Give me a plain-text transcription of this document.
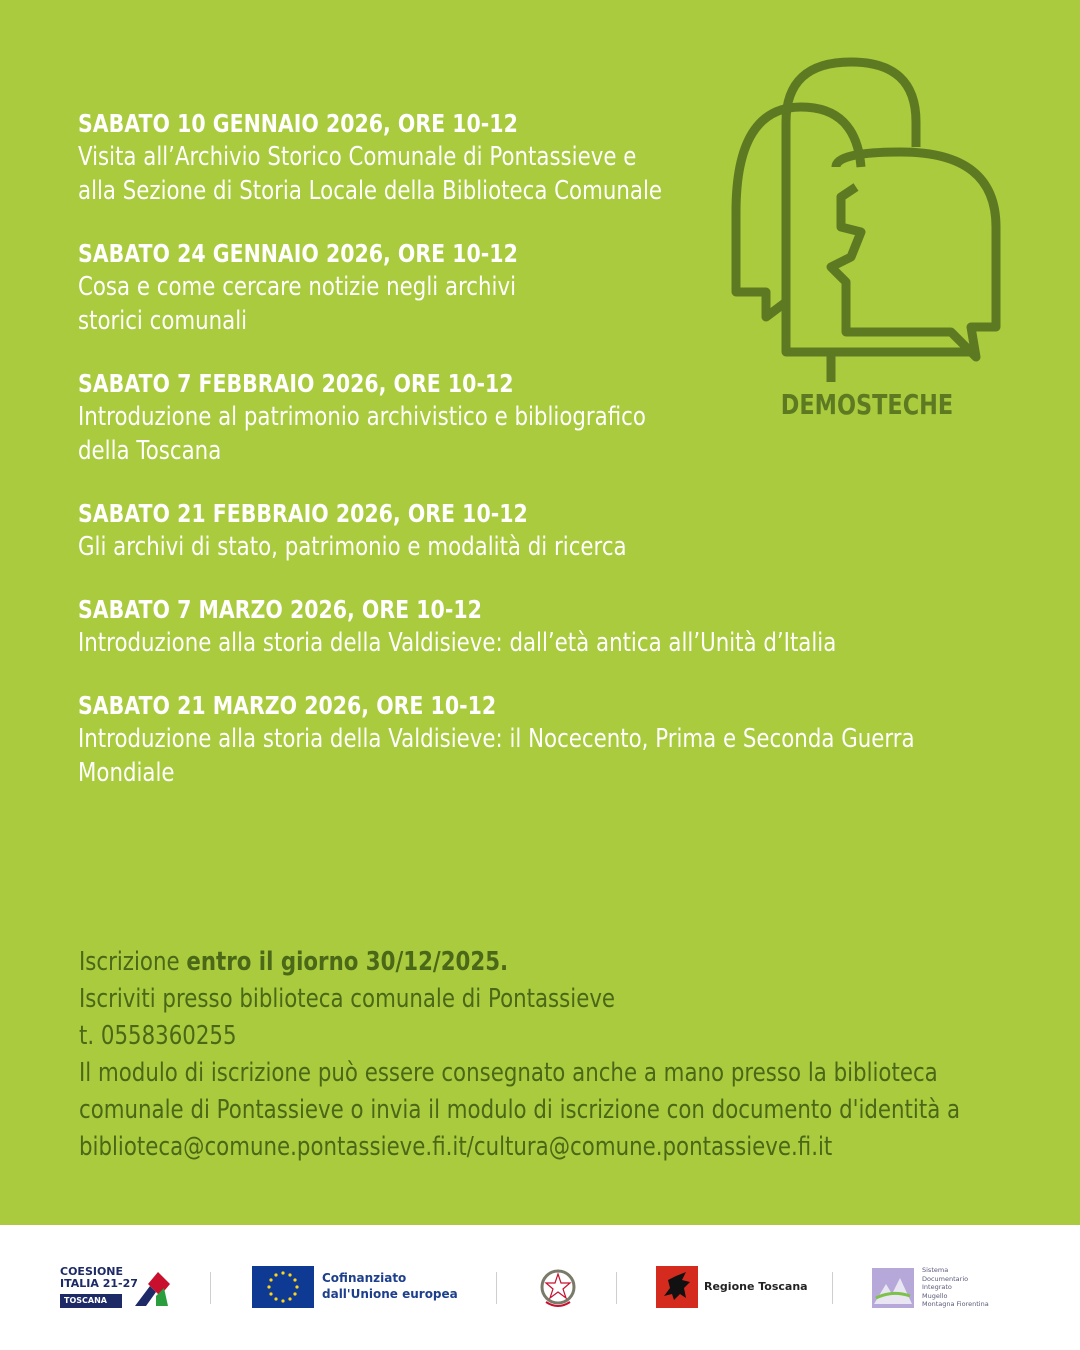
SABATO 10 GENNAIO 2026, ORE 10-12
Visita all’Archivio Storico Comunale di Pontassieve e
alla Sezione di Storia Locale della Biblioteca Comunale
SABATO 24 GENNAIO 2026, ORE 10-12
Cosa e come cercare notizie negli archivi
storici comunali
SABATO 7 FEBBRAIO 2026, ORE 10-12
Introduzione al patrimonio archivistico e bibliografico
della Toscana
SABATO 21 FEBBRAIO 2026, ORE 10-12
Gli archivi di stato, patrimonio e modalità di ricerca
SABATO 7 MARZO 2026, ORE 10-12
Introduzione alla storia della Valdisieve: dall’età antica all’Unità d’Italia
SABATO 21 MARZO 2026, ORE 10-12
Introduzione alla storia della Valdisieve: il Nocecento, Prima e Seconda Guerra
Mondiale
DEMOSTECHE
Iscrizione entro il giorno 30/12/2025.
Iscriviti presso biblioteca comunale di Pontassieve
t. 0558360255
Il modulo di iscrizione può essere consegnato anche a mano presso la biblioteca
comunale di Pontassieve o invia il modulo di iscrizione con documento d'identità a
biblioteca@comune.pontassieve.fi.it/cultura@comune.pontassieve.fi.it
COESIONE
ITALIA 21-27
TOSCANA
Cofinanziato
dall'Unione europea
Regione Toscana
Sistema
Documentario
Integrato
Mugello
Montagna Fiorentina
